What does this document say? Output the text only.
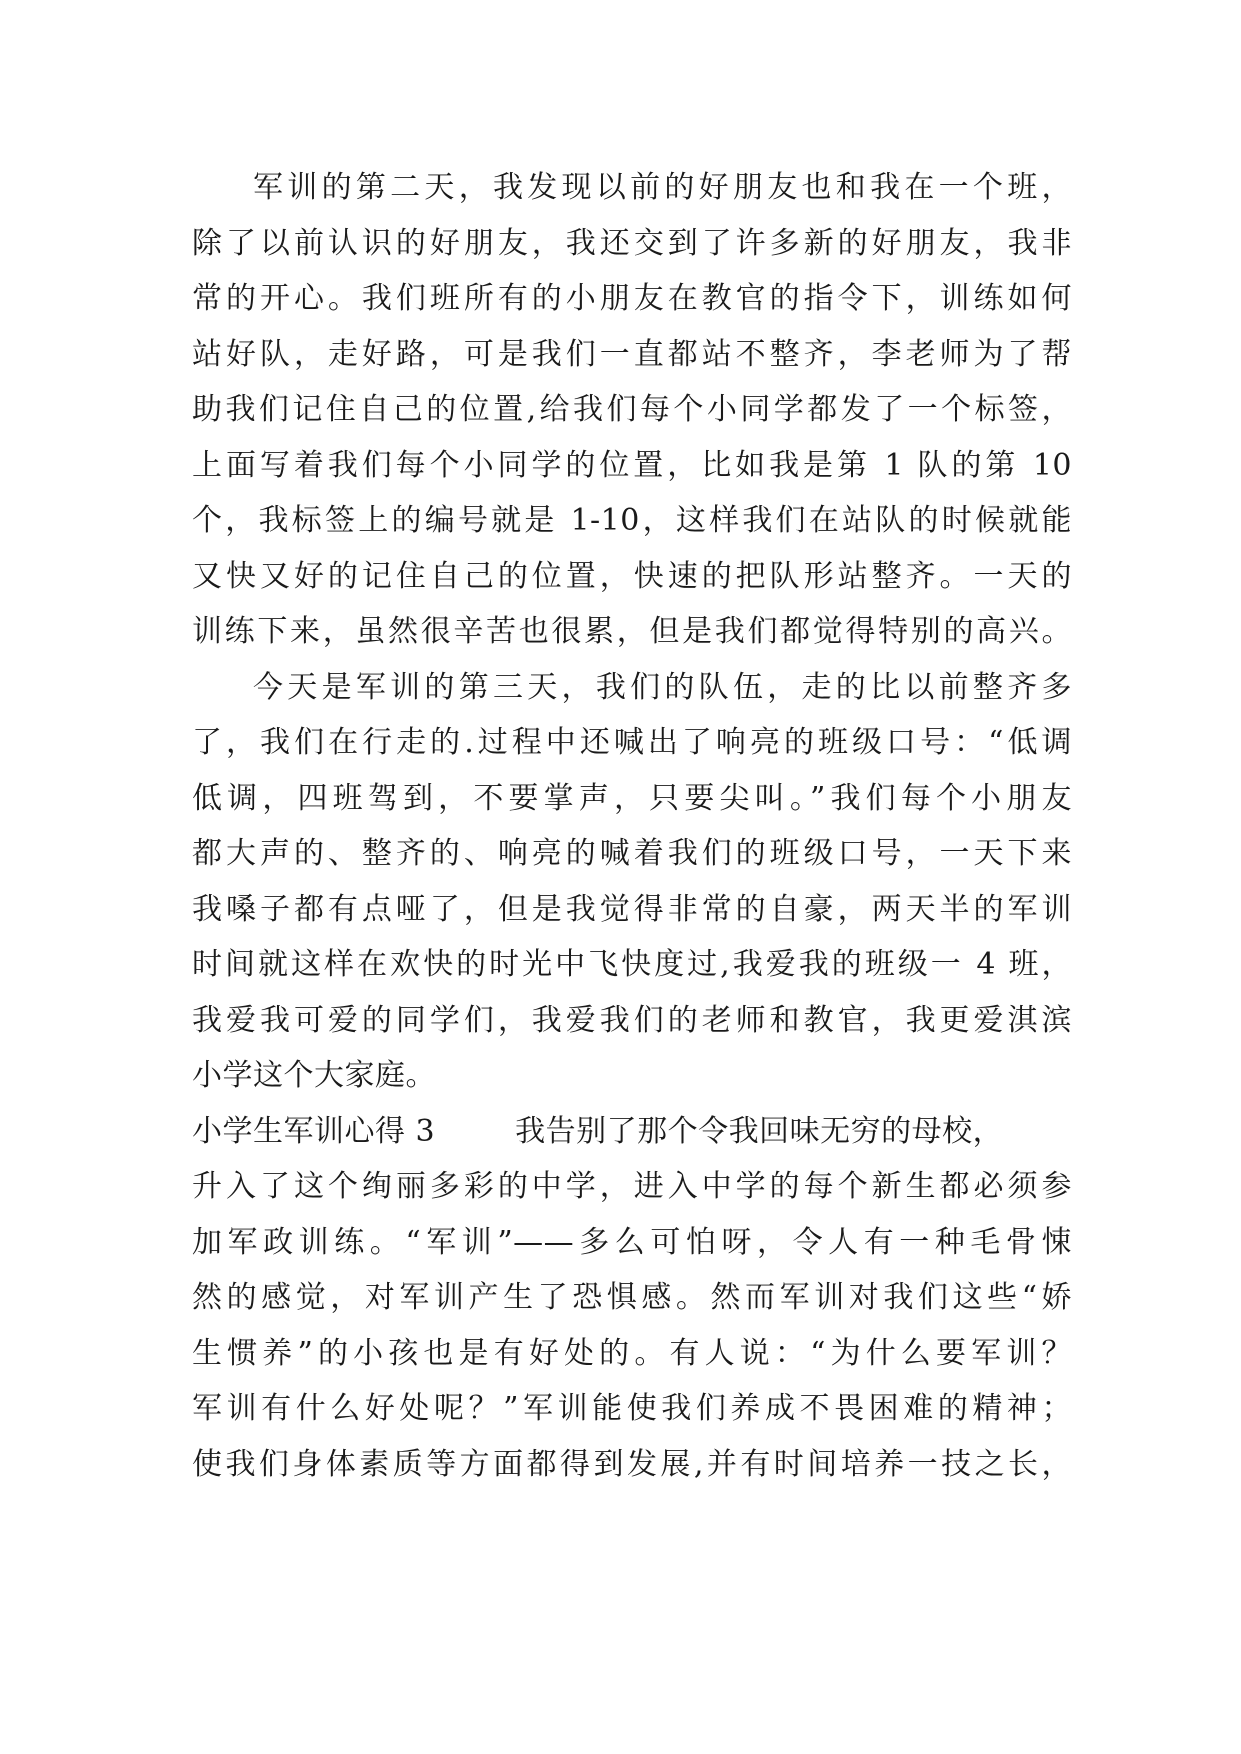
军训的第二天，我发现以前的好朋友也和我在一个班，
除了以前认识的好朋友，我还交到了许多新的好朋友，我非
常的开心。我们班所有的小朋友在教官的指令下，训练如何
站好队，走好路，可是我们一直都站不整齐，李老师为了帮
助我们记住自己的位置,给我们每个小同学都发了一个标签，
上面写着我们每个小同学的位置，比如我是第 1 队的第 10
个，我标签上的编号就是 1-10，这样我们在站队的时候就能
又快又好的记住自己的位置，快速的把队形站整齐。一天的
训练下来，虽然很辛苦也很累，但是我们都觉得特别的高兴。
今天是军训的第三天，我们的队伍，走的比以前整齐多
了，我们在行走的.过程中还喊出了响亮的班级口号：“低调
低调，四班驾到，不要掌声，只要尖叫。”我们每个小朋友
都大声的、整齐的、响亮的喊着我们的班级口号，一天下来
我嗓子都有点哑了，但是我觉得非常的自豪，两天半的军训
时间就这样在欢快的时光中飞快度过,我爱我的班级一 4 班，
我爱我可爱的同学们，我爱我们的老师和教官，我更爱淇滨
小学这个大家庭。
小学生军训心得 3	我告别了那个令我回味无穷的母校，
升入了这个绚丽多彩的中学，进入中学的每个新生都必须参
加军政训练。“军训”——多么可怕呀，令人有一种毛骨悚
然的感觉，对军训产生了恐惧感。然而军训对我们这些“娇
生惯养”的小孩也是有好处的。有人说：“为什么要军训？
军训有什么好处呢？”军训能使我们养成不畏困难的精神；
使我们身体素质等方面都得到发展,并有时间培养一技之长，
